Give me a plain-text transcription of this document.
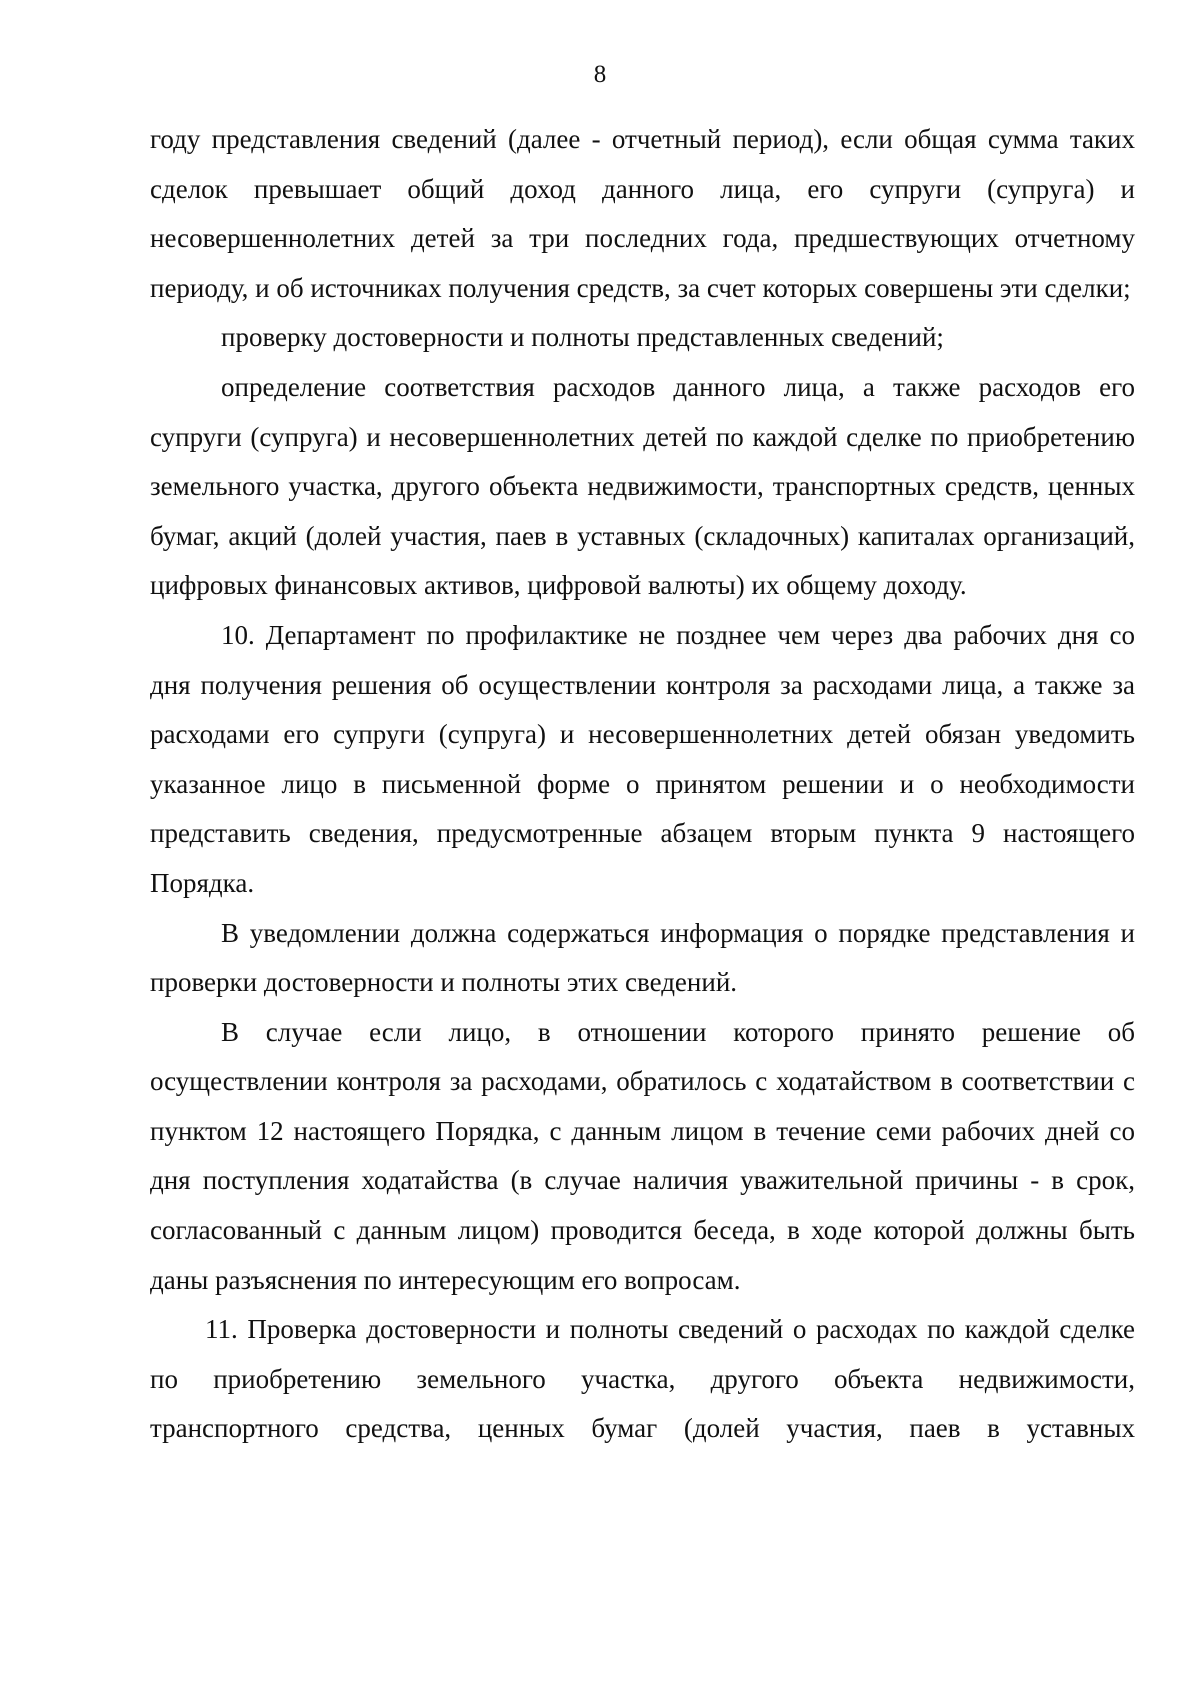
8

году представления сведений (далее - отчетный период), если общая сумма таких сделок превышает общий доход данного лица, его супруги (супруга) и несовершеннолетних детей за три последних года, предшествующих отчетному периоду, и об источниках получения средств, за счет которых совершены эти сделки;

проверку достоверности и полноты представленных сведений;

определение соответствия расходов данного лица, а также расходов его супруги (супруга) и несовершеннолетних детей по каждой сделке по приобретению земельного участка, другого объекта недвижимости, транспортных средств, ценных бумаг, акций (долей участия, паев в уставных (складочных) капиталах организаций, цифровых финансовых активов, цифровой валюты) их общему доходу.

10. Департамент по профилактике не позднее чем через два рабочих дня со дня получения решения об осуществлении контроля за расходами лица, а также за расходами его супруги (супруга) и несовершеннолетних детей обязан уведомить указанное лицо в письменной форме о принятом решении и о необходимости представить сведения, предусмотренные абзацем вторым пункта 9 настоящего Порядка.

В уведомлении должна содержаться информация о порядке представления и проверки достоверности и полноты этих сведений.

В случае если лицо, в отношении которого принято решение об осуществлении контроля за расходами, обратилось с ходатайством в соответствии с пунктом 12 настоящего Порядка, с данным лицом в течение семи рабочих дней со дня поступления ходатайства (в случае наличия уважительной причины - в срок, согласованный с данным лицом) проводится беседа, в ходе которой должны быть даны разъяснения по интересующим его вопросам.

11. Проверка достоверности и полноты сведений о расходах по каждой сделке по приобретению земельного участка, другого объекта недвижимости, транспортного средства, ценных бумаг (долей участия, паев в уставных
